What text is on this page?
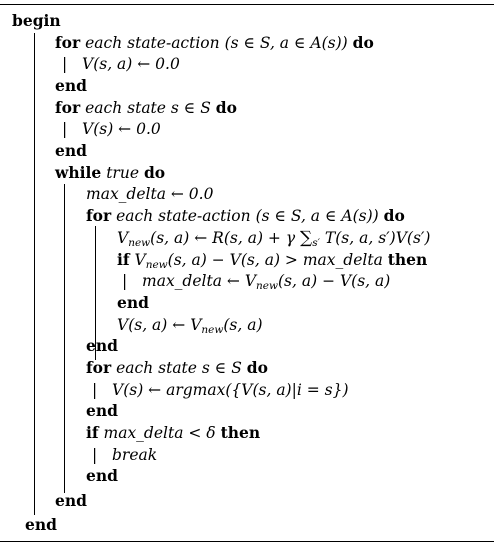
begin
for each state-action (s ∈ S, a ∈ A(s)) do
| V(s, a) ← 0.0
end
for each state s ∈ S do
| V(s) ← 0.0
end
while true do
max_delta ← 0.0
for each state-action (s ∈ S, a ∈ A(s)) do
$V_{new}(s$, a) ← R(s, a) + γ $\sum_{s'}$ T(s, a, s′)V(s′)
if $V_{new}(s$, a) − V(s, a) > max_delta then
| max_delta ← $V_{new}(s$, a) − V(s, a)
end
V(s, a) ← $V_{new}(s$, a)
end
for each state s ∈ S do
| V(s) ← argmax({V(s, a)|i = s})
end
if max_delta < δ then
| break
end
end
end
